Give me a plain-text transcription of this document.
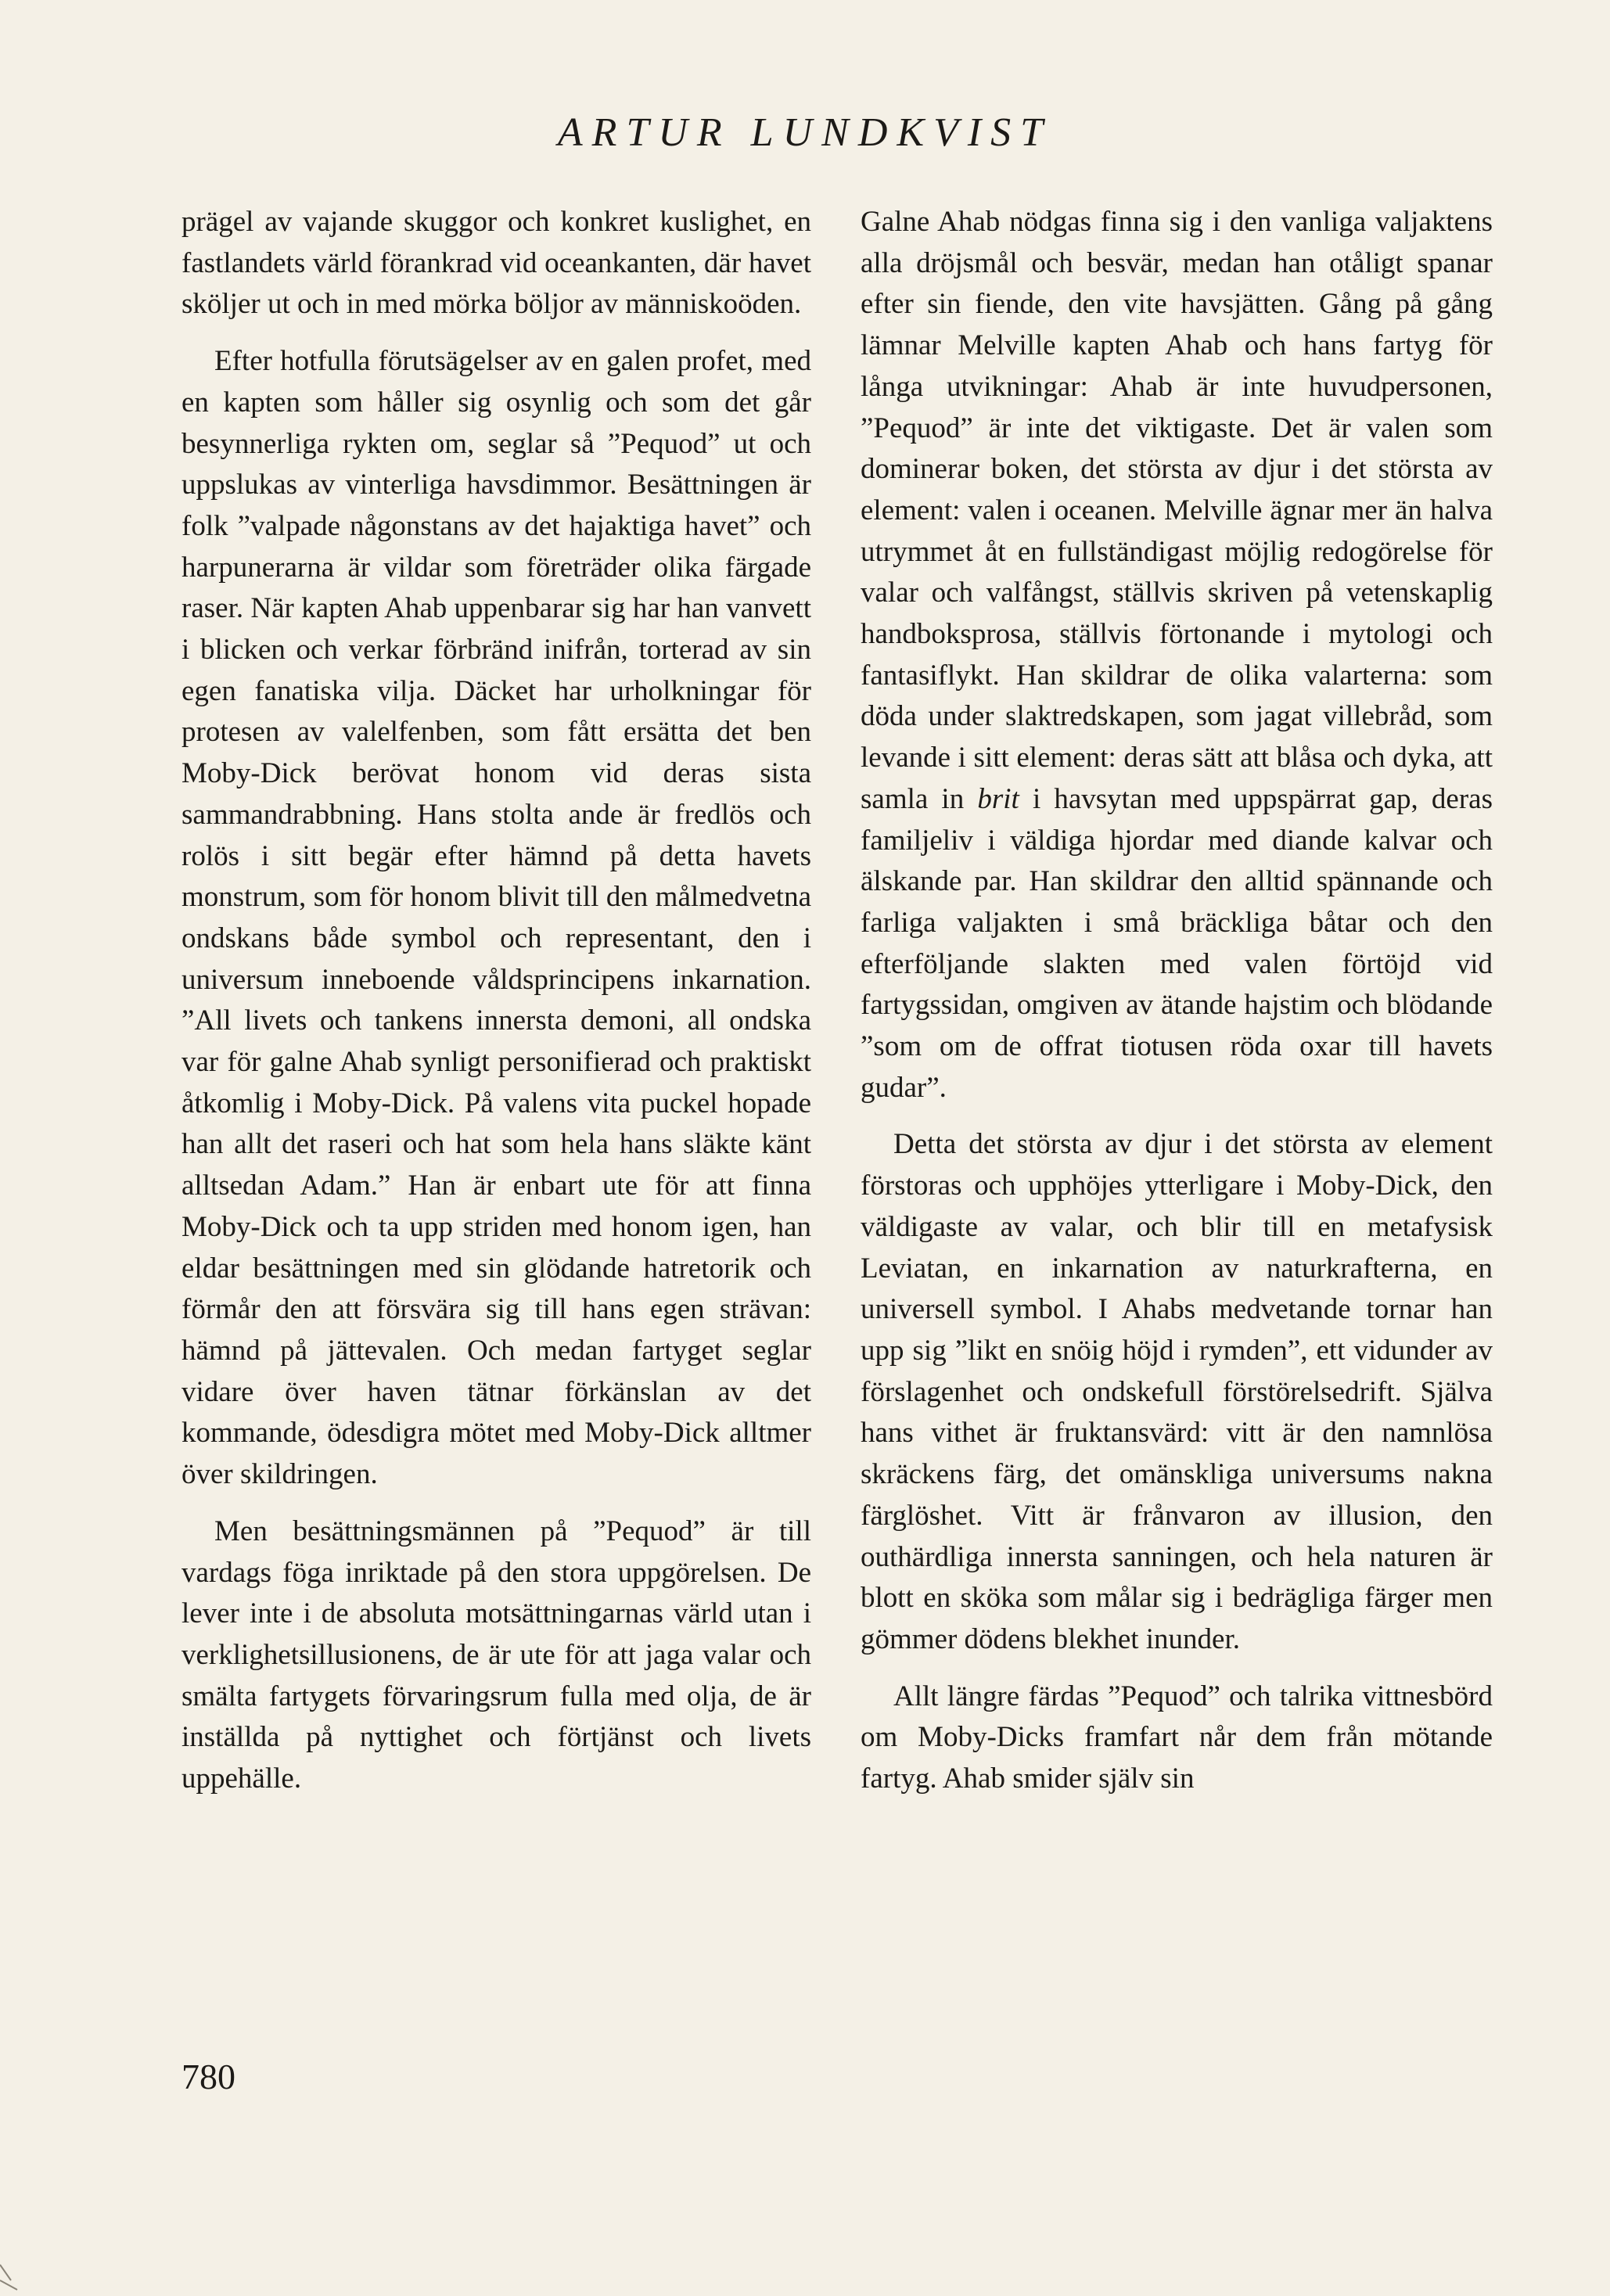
ARTUR LUNDKVIST

prägel av vajande skuggor och konkret kuslighet, en fastlandets värld förankrad vid oceankanten, där havet sköljer ut och in med mörka böljor av människoöden.

Efter hotfulla förutsägelser av en galen profet, med en kapten som håller sig osynlig och som det går besynnerliga rykten om, seglar så ”Pequod” ut och uppslukas av vinterliga havsdimmor. Besättningen är folk ”valpade någonstans av det hajaktiga havet” och harpunerarna är vildar som företräder olika färgade raser. När kapten Ahab uppenbarar sig har han vanvett i blicken och verkar förbränd inifrån, torterad av sin egen fanatiska vilja. Däcket har urholkningar för protesen av valelfenben, som fått ersätta det ben Moby-Dick berövat honom vid deras sista sammandrabbning. Hans stolta ande är fredlös och rolös i sitt begär efter hämnd på detta havets monstrum, som för honom blivit till den målmedvetna ondskans både symbol och representant, den i universum inneboende våldsprincipens inkarnation. ”All livets och tankens innersta demoni, all ondska var för galne Ahab synligt personifierad och praktiskt åtkomlig i Moby-Dick. På valens vita puckel hopade han allt det raseri och hat som hela hans släkte känt alltsedan Adam.” Han är enbart ute för att finna Moby-Dick och ta upp striden med honom igen, han eldar besättningen med sin glödande hatretorik och förmår den att försvära sig till hans egen strävan: hämnd på jättevalen. Och medan fartyget seglar vidare över haven tätnar förkänslan av det kommande, ödesdigra mötet med Moby-Dick alltmer över skildringen.

Men besättningsmännen på ”Pequod” är till vardags föga inriktade på den stora uppgörelsen. De lever inte i de absoluta motsättningarnas värld utan i verklighetsillusionens, de är ute för att jaga valar och smälta fartygets förvaringsrum fulla med olja, de är inställda på nyttighet och förtjänst och livets uppehälle.

Galne Ahab nödgas finna sig i den vanliga valjaktens alla dröjsmål och besvär, medan han otåligt spanar efter sin fiende, den vite havsjätten. Gång på gång lämnar Melville kapten Ahab och hans fartyg för långa utvikningar: Ahab är inte huvudpersonen, ”Pequod” är inte det viktigaste. Det är valen som dominerar boken, det största av djur i det största av element: valen i oceanen. Melville ägnar mer än halva utrymmet åt en fullständigast möjlig redogörelse för valar och valfångst, ställvis skriven på vetenskaplig handboksprosa, ställvis förtonande i mytologi och fantasiflykt. Han skildrar de olika valarterna: som döda under slaktredskapen, som jagat villebråd, som levande i sitt element: deras sätt att blåsa och dyka, att samla in brit i havsytan med uppspärrat gap, deras familjeliv i väldiga hjordar med diande kalvar och älskande par. Han skildrar den alltid spännande och farliga valjakten i små bräckliga båtar och den efterföljande slakten med valen förtöjd vid fartygssidan, omgiven av ätande hajstim och blödande ”som om de offrat tiotusen röda oxar till havets gudar”.

Detta det största av djur i det största av element förstoras och upphöjes ytterligare i Moby-Dick, den väldigaste av valar, och blir till en metafysisk Leviatan, en inkarnation av naturkrafterna, en universell symbol. I Ahabs medvetande tornar han upp sig ”likt en snöig höjd i rymden”, ett vidunder av förslagenhet och ondskefull förstörelsedrift. Själva hans vithet är fruktansvärd: vitt är den namnlösa skräckens färg, det omänskliga universums nakna färglöshet. Vitt är frånvaron av illusion, den outhärdliga innersta sanningen, och hela naturen är blott en sköka som målar sig i bedrägliga färger men gömmer dödens blekhet inunder.

Allt längre färdas ”Pequod” och talrika vittnesbörd om Moby-Dicks framfart når dem från mötande fartyg. Ahab smider själv sin

780
